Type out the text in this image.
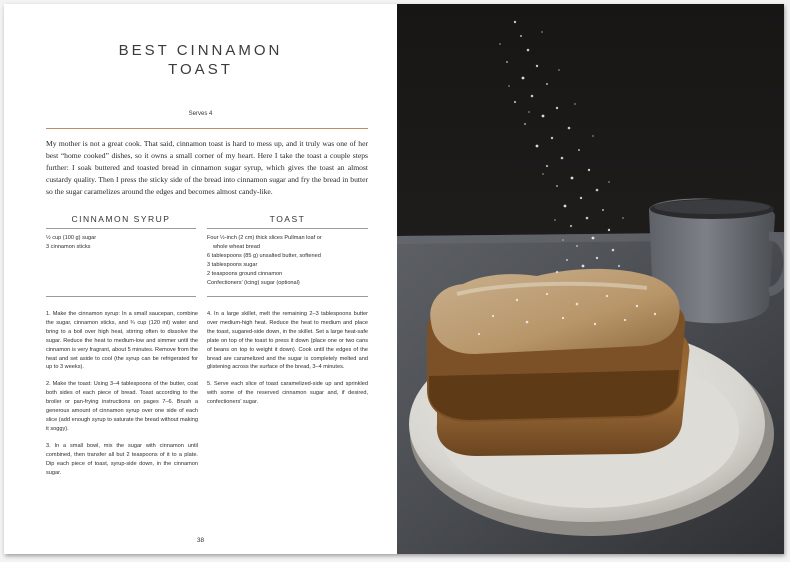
BEST CINNAMON
TOAST
Serves 4

My mother is not a great cook. That said, cinnamon toast is hard to mess up, and it truly was one of her best “home cooked” dishes, so it owns a small corner of my heart. Here I take the toast a couple steps further: I soak buttered and toasted bread in cinnamon sugar syrup, which gives the toast an almost custardy quality. Then I press the sticky side of the bread into cinnamon sugar and fry the bread in butter so the sugar caramelizes around the edges and becomes almost candy-like.

CINNAMON SYRUP	TOAST
½ cup (100 g) sugar
3 cinnamon sticks
Four ½-inch (2 cm) thick slices Pullman loaf or
whole wheat bread
6 tablespoons (85 g) unsalted butter, softened
3 tablespoons sugar
2 teaspoons ground cinnamon
Confectioners’ (icing) sugar (optional)

1. Make the cinnamon syrup: In a small saucepan, combine the sugar, cinnamon sticks, and ¾ cup (120 ml) water and bring to a boil over high heat, stirring often to dissolve the sugar. Reduce the heat to medium-low and simmer until the cinnamon is very fragrant, about 5 minutes. Remove from the heat and set aside to cool (the syrup can be refrigerated for up to 3 weeks).

2. Make the toast: Using 3–4 tablespoons of the butter, coat both sides of each piece of bread. Toast according to the broiler or pan-frying instructions on pages 7–6. Brush a generous amount of cinnamon syrup over one side of each slice (add enough syrup to saturate the bread without making it soggy).

3. In a small bowl, mix the sugar with cinnamon until combined, then transfer all but 2 teaspoons of it to a plate. Dip each piece of toast, syrup-side down, in the cinnamon sugar.

4. In a large skillet, melt the remaining 2–3 tablespoons butter over medium-high heat. Reduce the heat to medium and place the toast, sugared-side down, in the skillet. Set a large heat-safe plate on top of the toast to press it down (place one or two cans of beans on top to weight it down). Cook until the edges of the bread are caramelized and the sugar is completely melted and glistening across the surface of the bread, 3–4 minutes.

5. Serve each slice of toast caramelized-side up and sprinkled with some of the reserved cinnamon sugar and, if desired, confectioners’ sugar.

38
